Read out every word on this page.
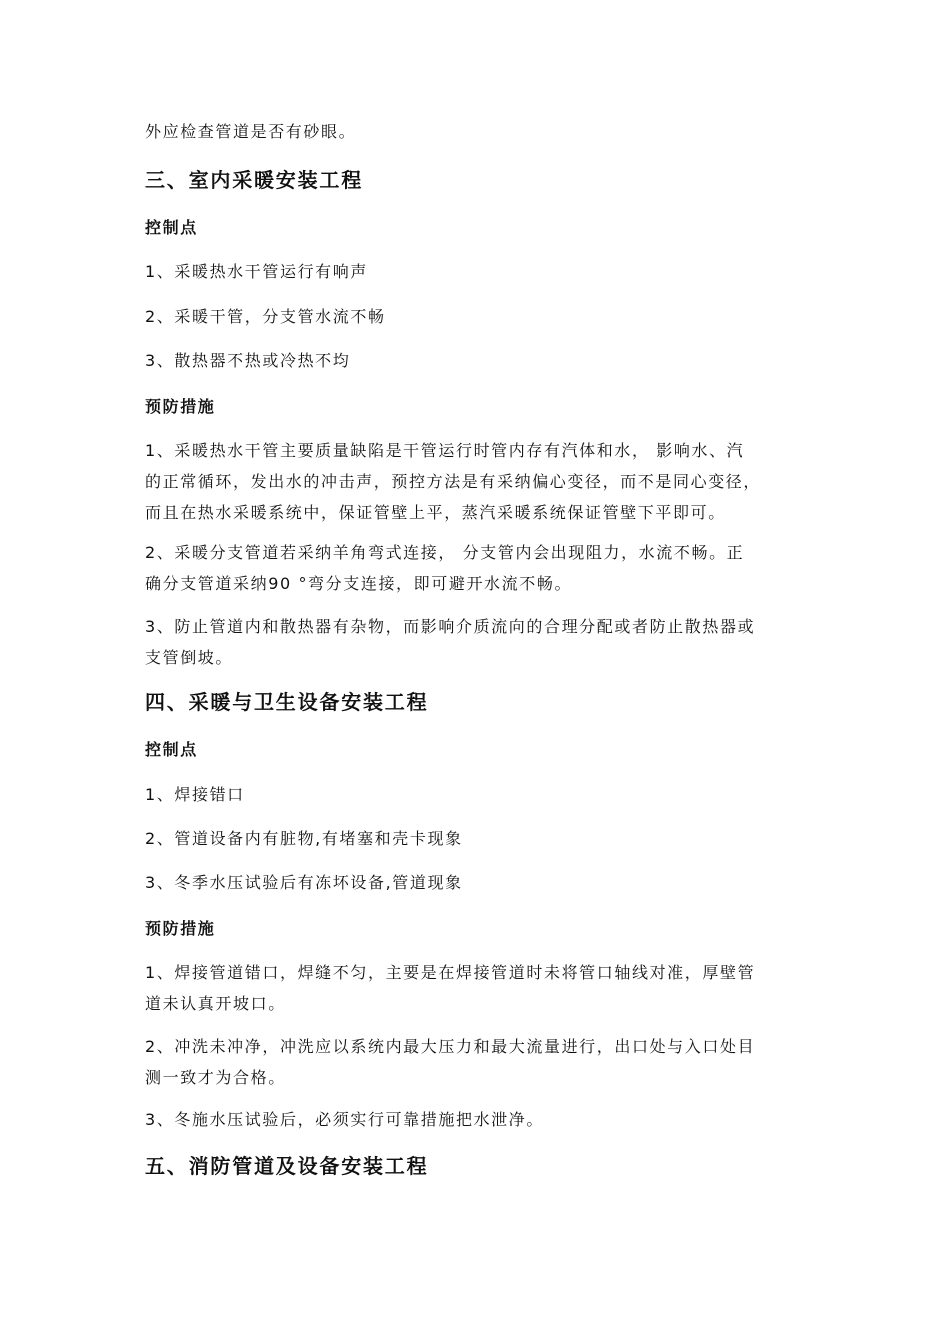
外应检查管道是否有砂眼。

三、室内采暖安装工程
控制点

1、采暖热水干管运行有响声

2、采暖干管，分支管水流不畅

3、散热器不热或冷热不均

预防措施
1、采暖热水干管主要质量缺陷是干管运行时管内存有汽体和水， 影响水、汽
的正常循环，发出水的冲击声，预控方法是有采纳偏心变径，而不是同心变径，
而且在热水采暖系统中，保证管壁上平，蒸汽采暖系统保证管壁下平即可。
2、采暖分支管道若采纳羊角弯式连接， 分支管内会出现阻力，水流不畅。正
确分支管道采纳90 °弯分支连接，即可避开水流不畅。
3、防止管道内和散热器有杂物，而影响介质流向的合理分配或者防止散热器或
支管倒坡。
四、采暖与卫生设备安装工程
控制点

1、焊接错口

2、管道设备内有脏物,有堵塞和壳卡现象

3、冬季水压试验后有冻坏设备,管道现象

预防措施
1、焊接管道错口，焊缝不匀，主要是在焊接管道时未将管口轴线对准，厚壁管
道未认真开坡口。
2、冲洗未冲净，冲洗应以系统内最大压力和最大流量进行，出口处与入口处目
测一致才为合格。

3、冬施水压试验后，必须实行可靠措施把水泄净。

五、消防管道及设备安装工程
